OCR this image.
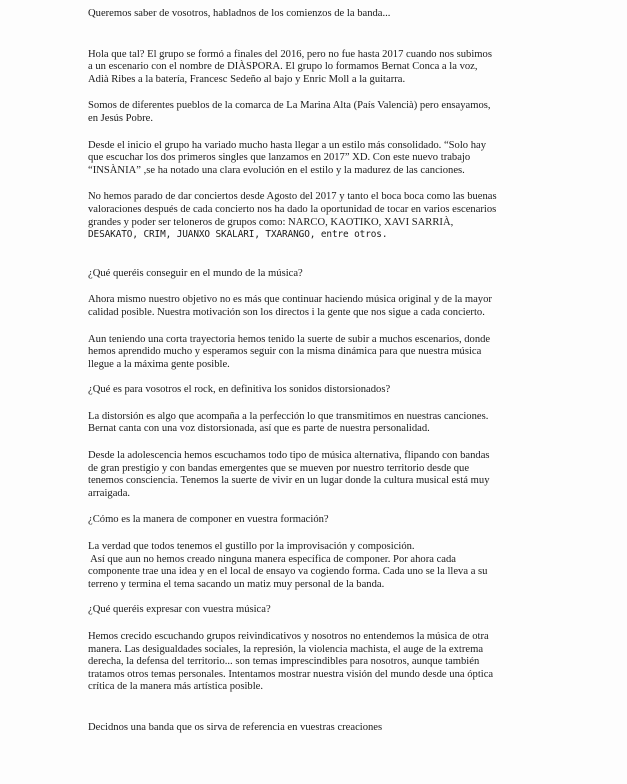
Queremos saber de vosotros, habladnos de los comienzos de la banda...
Hola que tal? El grupo se formó a finales del 2016, pero no fue hasta 2017 cuando nos subimos
a un escenario con el nombre de DIÀSPORA. El grupo lo formamos Bernat Conca a la voz,
Adià Ribes a la batería, Francesc Sedeño al bajo y Enric Moll a la guitarra.
Somos de diferentes pueblos de la comarca de La Marina Alta (País Valencià) pero ensayamos,
en Jesús Pobre.
Desde el inicio el grupo ha variado mucho hasta llegar a un estilo más consolidado. “Solo hay
que escuchar los dos primeros singles que lanzamos en 2017” XD. Con este nuevo trabajo
“INSÀNIA” ,se ha notado una clara evolución en el estilo y la madurez de las canciones.
No hemos parado de dar conciertos desde Agosto del 2017 y tanto el boca boca como las buenas
valoraciones después de cada concierto nos ha dado la oportunidad de tocar en varios escenarios
grandes y poder ser teloneros de grupos como: NARCO, KAOTIKO, XAVI SARRIÀ,
DESAKATO, CRIM, JUANXO SKALARI, TXARANGO, entre otros.
¿Qué queréis conseguir en el mundo de la música?
Ahora mismo nuestro objetivo no es más que continuar haciendo música original y de la mayor
calidad posible. Nuestra motivación son los directos i la gente que nos sigue a cada concierto.
Aun teniendo una corta trayectoria hemos tenido la suerte de subir a muchos escenarios, donde
hemos aprendido mucho y esperamos seguir con la misma dinámica para que nuestra música
llegue a la máxima gente posible.
¿Qué es para vosotros el rock, en definitiva los sonidos distorsionados?
La distorsión es algo que acompaña a la perfección lo que transmitimos en nuestras canciones.
Bernat canta con una voz distorsionada, así que es parte de nuestra personalidad.
Desde la adolescencia hemos escuchamos todo tipo de música alternativa, flipando con bandas
de gran prestigio y con bandas emergentes que se mueven por nuestro territorio desde que
tenemos consciencia. Tenemos la suerte de vivir en un lugar donde la cultura musical está muy
arraigada.
¿Cómo es la manera de componer en vuestra formación?
La verdad que todos tenemos el gustillo por la improvisación y composición.
Así que aun no hemos creado ninguna manera específica de componer. Por ahora cada
componente trae una idea y en el local de ensayo va cogiendo forma. Cada uno se la lleva a su
terreno y termina el tema sacando un matiz muy personal de la banda.
¿Qué queréis expresar con vuestra música?
Hemos crecido escuchando grupos reivindicativos y nosotros no entendemos la música de otra
manera. Las desigualdades sociales, la represión, la violencia machista, el auge de la extrema
derecha, la defensa del territorio... son temas imprescindibles para nosotros, aunque también
tratamos otros temas personales. Intentamos mostrar nuestra visión del mundo desde una óptica
crítica de la manera más artística posible.
Decidnos una banda que os sirva de referencia en vuestras creaciones
